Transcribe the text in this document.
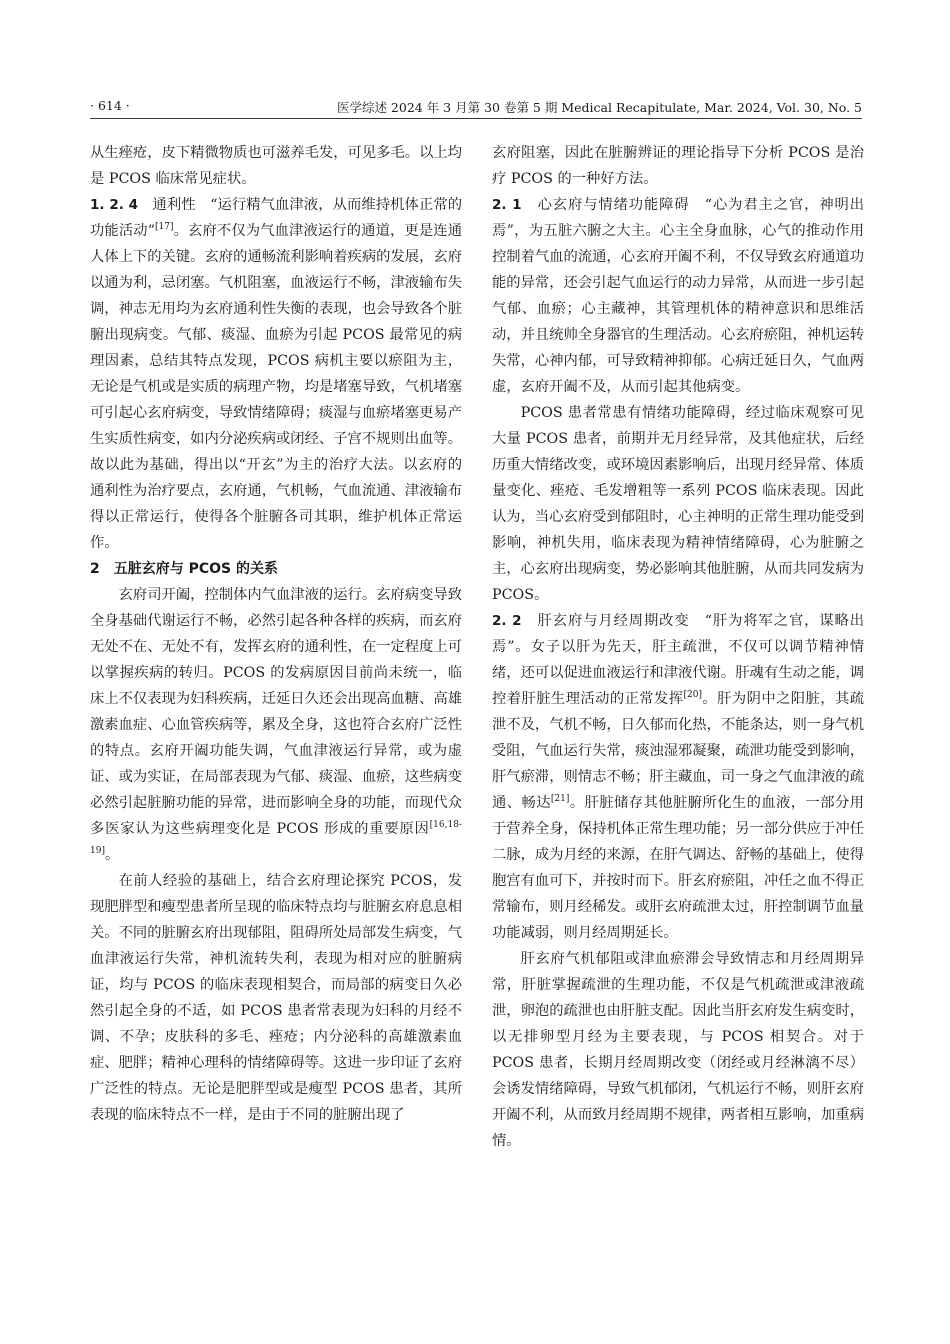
· 614 ·	医学综述 2024 年 3 月第 30 卷第 5 期 Medical Recapitulate, Mar. 2024, Vol. 30, No. 5

从生痤疮，皮下精微物质也可滋养毛发，可见多毛。以上均是 PCOS 临床常见症状。

1. 2. 4　 通利性　 “运行精气血津液，从而维持机体正常的功能活动”[17]。玄府不仅为气血津液运行的通道，更是连通人体上下的关键。玄府的通畅流利影响着疾病的发展，玄府以通为利，忌闭塞。气机阻塞，血液运行不畅，津液输布失调，神志无用均为玄府通利性失衡的表现，也会导致各个脏腑出现病变。气郁、痰湿、血瘀为引起 PCOS 最常见的病理因素，总结其特点发现，PCOS 病机主要以瘀阻为主，无论是气机或是实质的病理产物，均是堵塞导致，气机堵塞可引起心玄府病变，导致情绪障碍；痰湿与血瘀堵塞更易产生实质性病变，如内分泌疾病或闭经、子宫不规则出血等。故以此为基础，得出以“开玄”为主的治疗大法。以玄府的通利性为治疗要点，玄府通，气机畅，气血流通、津液输布得以正常运行，使得各个脏腑各司其职，维护机体正常运作。

2　五脏玄府与 PCOS 的关系

玄府司开阖，控制体内气血津液的运行。玄府病变导致全身基础代谢运行不畅，必然引起各种各样的疾病，而玄府无处不在、无处不有，发挥玄府的通利性，在一定程度上可以掌握疾病的转归。PCOS 的发病原因目前尚未统一，临床上不仅表现为妇科疾病，迁延日久还会出现高血糖、高雄激素血症、心血管疾病等，累及全身，这也符合玄府广泛性的特点。玄府开阖功能失调，气血津液运行异常，或为虚证、或为实证，在局部表现为气郁、痰湿、血瘀，这些病变必然引起脏腑功能的异常，进而影响全身的功能，而现代众多医家认为这些病理变化是 PCOS 形成的重要原因[16,18-19]。

在前人经验的基础上，结合玄府理论探究 PCOS，发现肥胖型和瘦型患者所呈现的临床特点均与脏腑玄府息息相关。不同的脏腑玄府出现郁阻，阻碍所处局部发生病变，气血津液运行失常，神机流转失利，表现为相对应的脏腑病证，均与 PCOS 的临床表现相契合，而局部的病变日久必然引起全身的不适，如 PCOS 患者常表现为妇科的月经不调、不孕；皮肤科的多毛、痤疮；内分泌科的高雄激素血症、肥胖；精神心理科的情绪障碍等。这进一步印证了玄府广泛性的特点。无论是肥胖型或是瘦型 PCOS 患者，其所表现的临床特点不一样，是由于不同的脏腑出现了

玄府阻塞，因此在脏腑辨证的理论指导下分析 PCOS 是治疗 PCOS 的一种好方法。

2. 1　 心玄府与情绪功能障碍　 “心为君主之官，神明出焉”，为五脏六腑之大主。心主全身血脉，心气的推动作用控制着气血的流通，心玄府开阖不利，不仅导致玄府通道功能的异常，还会引起气血运行的动力异常，从而进一步引起气郁、血瘀；心主藏神，其管理机体的精神意识和思维活动，并且统帅全身器官的生理活动。心玄府瘀阻，神机运转失常，心神内郁，可导致精神抑郁。心病迁延日久，气血两虚，玄府开阖不及，从而引起其他病变。

PCOS 患者常患有情绪功能障碍，经过临床观察可见大量 PCOS 患者，前期并无月经异常，及其他症状，后经历重大情绪改变，或环境因素影响后，出现月经异常、体质量变化、痤疮、毛发增粗等一系列 PCOS 临床表现。因此认为，当心玄府受到郁阻时，心主神明的正常生理功能受到影响，神机失用，临床表现为精神情绪障碍，心为脏腑之主，心玄府出现病变，势必影响其他脏腑，从而共同发病为 PCOS。

2. 2　 肝玄府与月经周期改变　 “肝为将军之官，谋略出焉”。女子以肝为先天，肝主疏泄，不仅可以调节精神情绪，还可以促进血液运行和津液代谢。肝魂有生动之能，调控着肝脏生理活动的正常发挥[20]。肝为阴中之阳脏，其疏泄不及，气机不畅，日久郁而化热，不能条达，则一身气机受阻，气血运行失常，痰浊湿邪凝聚，疏泄功能受到影响，肝气瘀滞，则情志不畅；肝主藏血，司一身之气血津液的疏通、畅达[21]。肝脏储存其他脏腑所化生的血液，一部分用于营养全身，保持机体正常生理功能；另一部分供应于冲任二脉，成为月经的来源，在肝气调达、舒畅的基础上，使得胞宫有血可下，并按时而下。肝玄府瘀阻，冲任之血不得正常输布，则月经稀发。或肝玄府疏泄太过，肝控制调节血量功能减弱，则月经周期延长。

肝玄府气机郁阻或津血瘀滞会导致情志和月经周期异常，肝脏掌握疏泄的生理功能，不仅是气机疏泄或津液疏泄，卵泡的疏泄也由肝脏支配。因此当肝玄府发生病变时，以无排卵型月经为主要表现，与 PCOS 相契合。对于 PCOS 患者，长期月经周期改变（闭经或月经淋漓不尽）会诱发情绪障碍，导致气机郁闭，气机运行不畅，则肝玄府开阖不利，从而致月经周期不规律，两者相互影响，加重病情。
